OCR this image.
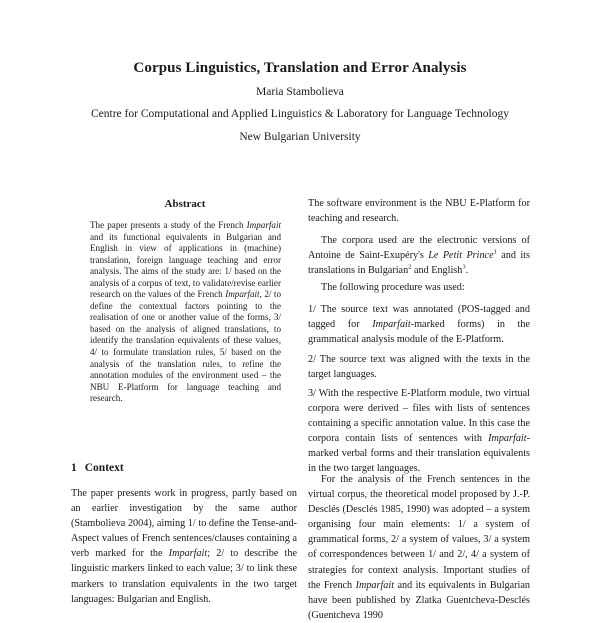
Corpus Linguistics, Translation and Error Analysis
Maria Stambolieva
Centre for Computational and Applied Linguistics & Laboratory for Language Technology
New Bulgarian University
Abstract

The paper presents a study of the French Imparfait and its functional equivalents in Bulgarian and English in view of applications in (machine) translation, foreign language teaching and error analysis. The aims of the study are: 1/ based on the analysis of a corpus of text, to validate/revise earlier research on the values of the French Imparfait, 2/ to define the contextual factors pointing to the realisation of one or another value of the forms, 3/ based on the analysis of aligned translations, to identify the translation equivalents of these values, 4/ to formulate translation rules, 5/ based on the analysis of the translation rules, to refine the annotation modules of the environment used – the NBU E-Platform for language teaching and research.

1 Context

The paper presents work in progress, partly based on an earlier investigation by the same author (Stambolieva 2004), aiming 1/ to define the Tense-and-Aspect values of French sentences/clauses containing a verb marked for the Imparfait; 2/ to describe the linguistic markers linked to each value; 3/ to link these markers to translation equivalents in the two target languages: Bulgarian and English.

The software environment is the NBU E-Platform for teaching and research.

The corpora used are the electronic versions of Antoine de Saint-Exupéry's Le Petit Prince$^1$ and its translations in Bulgarian$^2$ and English$^3$.

The following procedure was used:

1/ The source text was annotated (POS-tagged and tagged for Imparfait-marked forms) in the grammatical analysis module of the E-Platform.

2/ The source text was aligned with the texts in the target languages.

3/ With the respective E-Platform module, two virtual corpora were derived – files with lists of sentences containing a specific annotation value. In this case the corpora contain lists of sentences with Imparfait-marked verbal forms and their translation equivalents in the two target languages.

For the analysis of the French sentences in the virtual corpus, the theoretical model proposed by J.-P. Desclés (Desclés 1985, 1990) was adopted – a system organising four main elements: 1/ a system of grammatical forms, 2/ a system of values, 3/ a system of correspondences between 1/ and 2/, 4/ a system of strategies for context analysis. Important studies of the French Imparfait and its equivalents in Bulgarian have been published by Zlatka Guentcheva-Desclés (Guentcheva 1990
